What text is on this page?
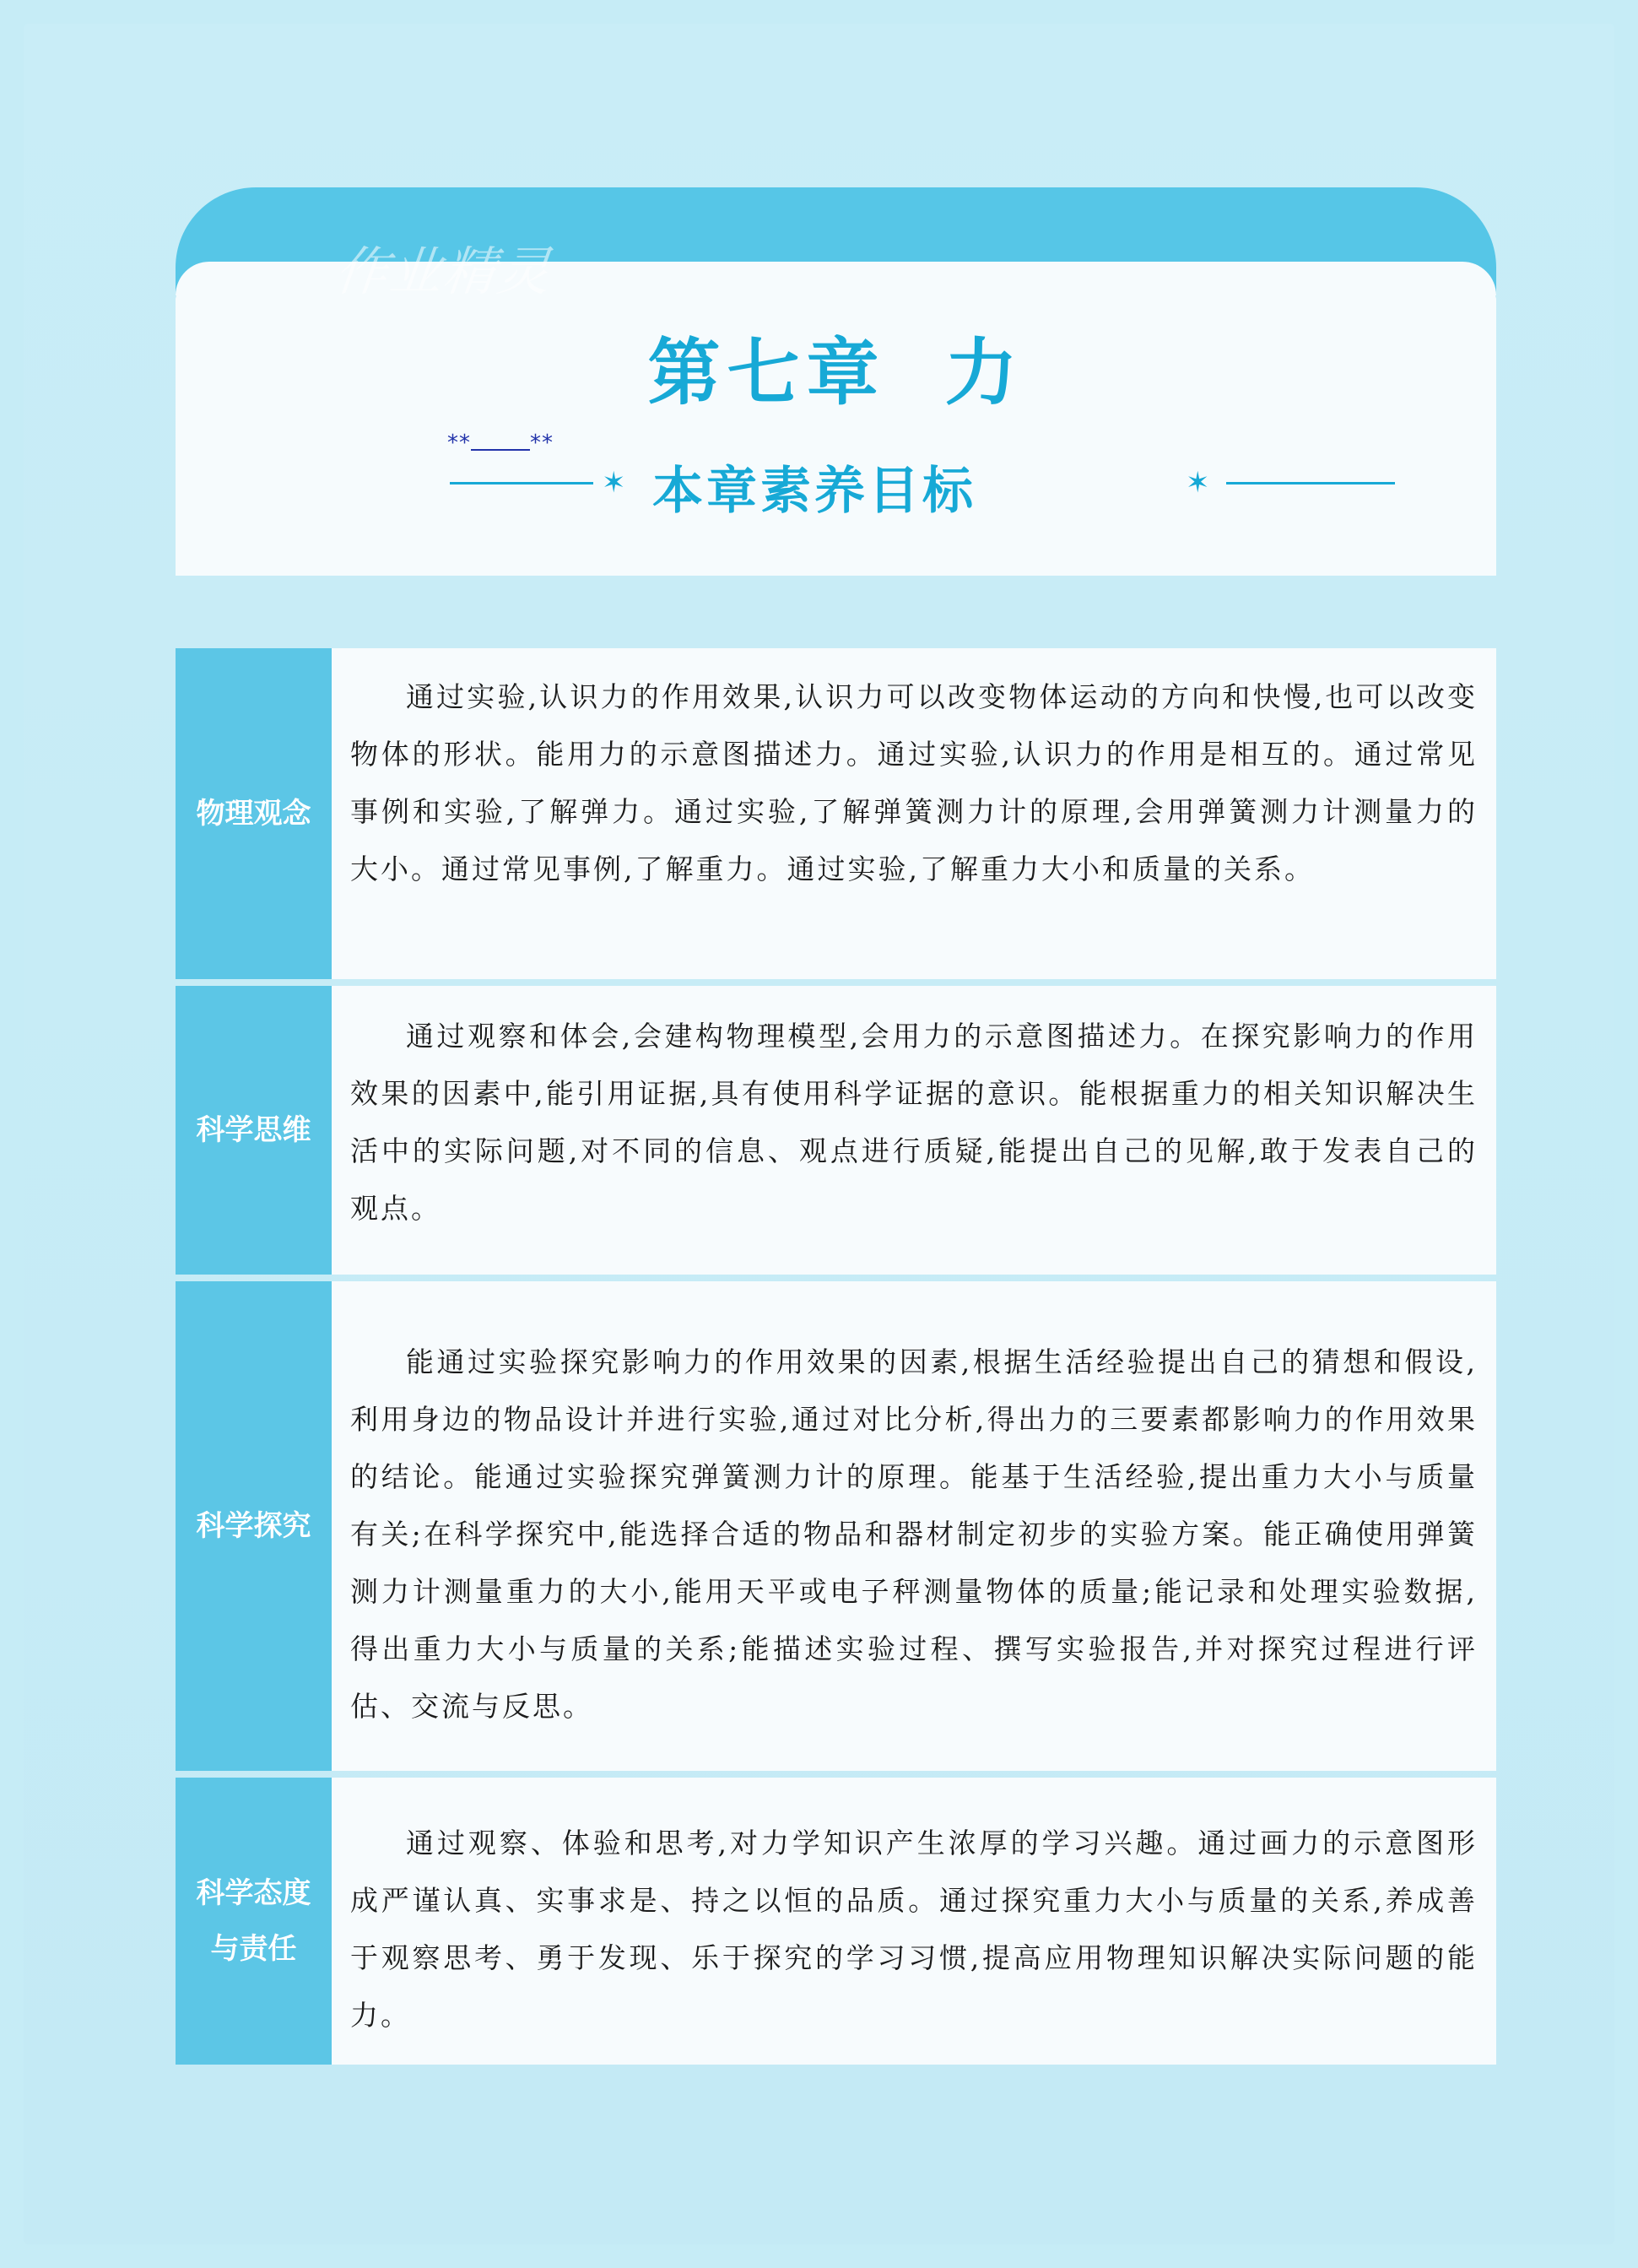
作业精灵
第七章 力
✶ 本章素养目标	✶
**	**
物理观念
通过实验,认识力的作用效果,认识力可以改变物体运动的方向和快慢,也可以改变物体的形状。能用力的示意图描述力。通过实验,认识力的作用是相互的。通过常见事例和实验,了解弹力。通过实验,了解弹簧测力计的原理,会用弹簧测力计测量力的大小。通过常见事例,了解重力。通过实验,了解重力大小和质量的关系。
科学思维
通过观察和体会,会建构物理模型,会用力的示意图描述力。在探究影响力的作用效果的因素中,能引用证据,具有使用科学证据的意识。能根据重力的相关知识解决生活中的实际问题,对不同的信息、观点进行质疑,能提出自己的见解,敢于发表自己的观点。
科学探究
能通过实验探究影响力的作用效果的因素,根据生活经验提出自己的猜想和假设,利用身边的物品设计并进行实验,通过对比分析,得出力的三要素都影响力的作用效果的结论。能通过实验探究弹簧测力计的原理。能基于生活经验,提出重力大小与质量有关;在科学探究中,能选择合适的物品和器材制定初步的实验方案。能正确使用弹簧测力计测量重力的大小,能用天平或电子秤测量物体的质量;能记录和处理实验数据,得出重力大小与质量的关系;能描述实验过程、撰写实验报告,并对探究过程进行评估、交流与反思。
科学态度
与责任
通过观察、体验和思考,对力学知识产生浓厚的学习兴趣。通过画力的示意图形成严谨认真、实事求是、持之以恒的品质。通过探究重力大小与质量的关系,养成善于观察思考、勇于发现、乐于探究的学习习惯,提高应用物理知识解决实际问题的能力。
